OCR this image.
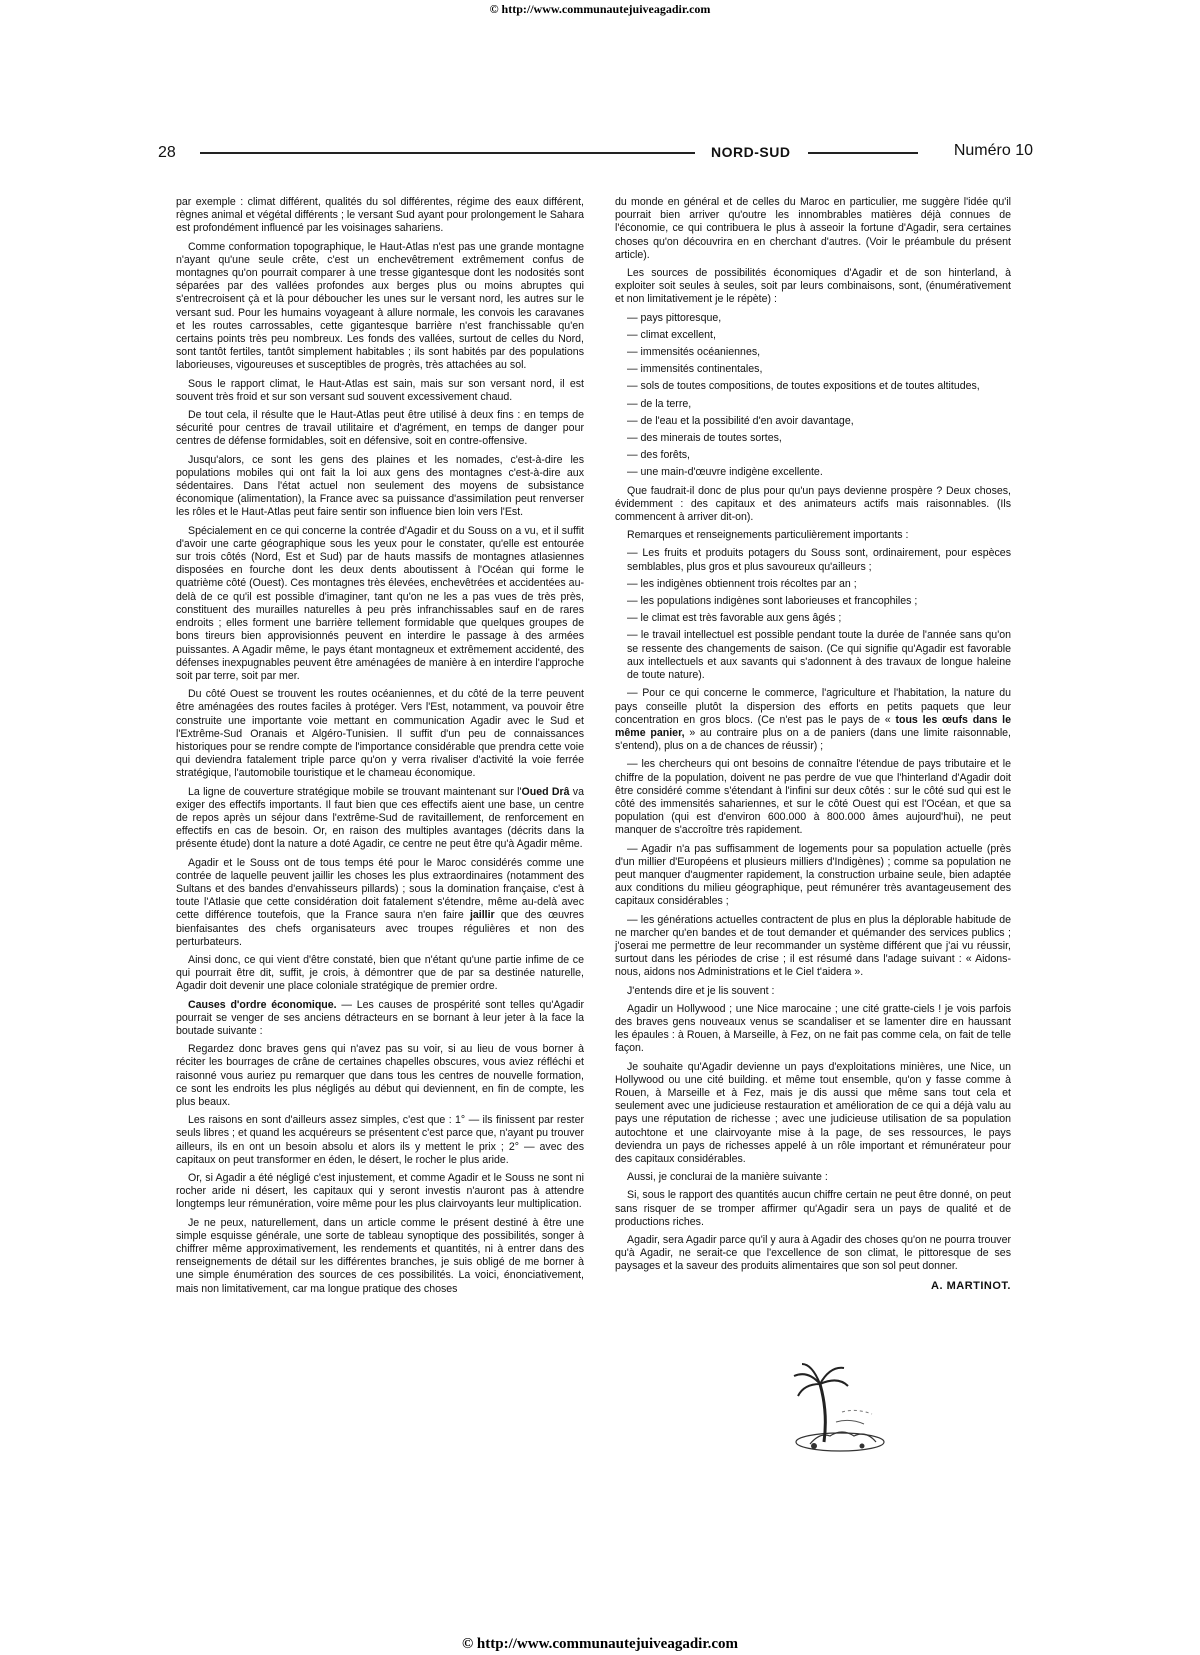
© http://www.communautejuiveagadir.com
28	NORD-SUD	Numéro 10

par exemple : climat différent, qualités du sol différentes, régime des eaux différent, règnes animal et végétal différents ; le versant Sud ayant pour prolongement le Sahara est profondément influencé par les voisinages sahariens.

Comme conformation topographique, le Haut-Atlas n'est pas une grande montagne n'ayant qu'une seule crête, c'est un enchevêtrement extrêmement confus de montagnes qu'on pourrait comparer à une tresse gigantesque dont les nodosités sont séparées par des vallées profondes aux berges plus ou moins abruptes qui s'entrecroisent çà et là pour déboucher les unes sur le versant nord, les autres sur le versant sud. Pour les humains voyageant à allure normale, les convois les caravanes et les routes carrossables, cette gigantesque barrière n'est franchissable qu'en certains points très peu nombreux. Les fonds des vallées, surtout de celles du Nord, sont tantôt fertiles, tantôt simplement habitables ; ils sont habités par des populations laborieuses, vigoureuses et susceptibles de progrès, très attachées au sol.

Sous le rapport climat, le Haut-Atlas est sain, mais sur son versant nord, il est souvent très froid et sur son versant sud souvent excessivement chaud.

De tout cela, il résulte que le Haut-Atlas peut être utilisé à deux fins : en temps de sécurité pour centres de travail utilitaire et d'agrément, en temps de danger pour centres de défense formidables, soit en défensive, soit en contre-offensive.

Jusqu'alors, ce sont les gens des plaines et les nomades, c'est-à-dire les populations mobiles qui ont fait la loi aux gens des montagnes c'est-à-dire aux sédentaires. Dans l'état actuel non seulement des moyens de subsistance économique (alimentation), la France avec sa puissance d'assimilation peut renverser les rôles et le Haut-Atlas peut faire sentir son influence bien loin vers l'Est.

Spécialement en ce qui concerne la contrée d'Agadir et du Souss on a vu, et il suffit d'avoir une carte géographique sous les yeux pour le constater, qu'elle est entourée sur trois côtés (Nord, Est et Sud) par de hauts massifs de montagnes atlasiennes disposées en fourche dont les deux dents aboutissent à l'Océan qui forme le quatrième côté (Ouest). Ces montagnes très élevées, enchevêtrées et accidentées au-delà de ce qu'il est possible d'imaginer, tant qu'on ne les a pas vues de très près, constituent des murailles naturelles à peu près infranchissables sauf en de rares endroits ; elles forment une barrière tellement formidable que quelques groupes de bons tireurs bien approvisionnés peuvent en interdire le passage à des armées puissantes. A Agadir même, le pays étant montagneux et extrêmement accidenté, des défenses inexpugnables peuvent être aménagées de manière à en interdire l'approche soit par terre, soit par mer.

Du côté Ouest se trouvent les routes océaniennes, et du côté de la terre peuvent être aménagées des routes faciles à protéger. Vers l'Est, notamment, va pouvoir être construite une importante voie mettant en communication Agadir avec le Sud et l'Extrême-Sud Oranais et Algéro-Tunisien. Il suffit d'un peu de connaissances historiques pour se rendre compte de l'importance considérable que prendra cette voie qui deviendra fatalement triple parce qu'on y verra rivaliser d'activité la voie ferrée stratégique, l'automobile touristique et le chameau économique.

La ligne de couverture stratégique mobile se trouvant maintenant sur l'Oued Drâ va exiger des effectifs importants. Il faut bien que ces effectifs aient une base, un centre de repos après un séjour dans l'extrême-Sud de ravitaillement, de renforcement en effectifs en cas de besoin. Or, en raison des multiples avantages (décrits dans la présente étude) dont la nature a doté Agadir, ce centre ne peut être qu'à Agadir même.

Agadir et le Souss ont de tous temps été pour le Maroc considérés comme une contrée de laquelle peuvent jaillir les choses les plus extraordinaires (notamment des Sultans et des bandes d'envahisseurs pillards) ; sous la domination française, c'est à toute l'Atlasie que cette considération doit fatalement s'étendre, même au-delà avec cette différence toutefois, que la France saura n'en faire jaillir que des œuvres bienfaisantes des chefs organisateurs avec troupes régulières et non des perturbateurs.

Ainsi donc, ce qui vient d'être constaté, bien que n'étant qu'une partie infime de ce qui pourrait être dit, suffit, je crois, à démontrer que de par sa destinée naturelle, Agadir doit devenir une place coloniale stratégique de premier ordre.

Causes d'ordre économique. — Les causes de prospérité sont telles qu'Agadir pourrait se venger de ses anciens détracteurs en se bornant à leur jeter à la face la boutade suivante :

Regardez donc braves gens qui n'avez pas su voir, si au lieu de vous borner à réciter les bourrages de crâne de certaines chapelles obscures, vous aviez réfléchi et raisonné vous auriez pu remarquer que dans tous les centres de nouvelle formation, ce sont les endroits les plus négligés au début qui deviennent, en fin de compte, les plus beaux.

Les raisons en sont d'ailleurs assez simples, c'est que : 1° — ils finissent par rester seuls libres ; et quand les acquéreurs se présentent c'est parce que, n'ayant pu trouver ailleurs, ils en ont un besoin absolu et alors ils y mettent le prix ; 2° — avec des capitaux on peut transformer en éden, le désert, le rocher le plus aride.

Or, si Agadir a été négligé c'est injustement, et comme Agadir et le Souss ne sont ni rocher aride ni désert, les capitaux qui y seront investis n'auront pas à attendre longtemps leur rémunération, voire même pour les plus clairvoyants leur multiplication.

Je ne peux, naturellement, dans un article comme le présent destiné à être une simple esquisse générale, une sorte de tableau synoptique des possibilités, songer à chiffrer même approximativement, les rendements et quantités, ni à entrer dans des renseignements de détail sur les différentes branches, je suis obligé de me borner à une simple énumération des sources de ces possibilités. La voici, énonciativement, mais non limitativement, car ma longue pratique des choses

du monde en général et de celles du Maroc en particulier, me suggère l'idée qu'il pourrait bien arriver qu'outre les innombrables matières déjà connues de l'économie, ce qui contribuera le plus à asseoir la fortune d'Agadir, sera certaines choses qu'on découvrira en en cherchant d'autres. (Voir le préambule du présent article).

Les sources de possibilités économiques d'Agadir et de son hinterland, à exploiter soit seules à seules, soit par leurs combinaisons, sont, (énumérativement et non limitativement je le répète) :

— pays pittoresque,
— climat excellent,
— immensités océaniennes,
— immensités continentales,
— sols de toutes compositions, de toutes expositions et de toutes altitudes,
— de la terre,
— de l'eau et la possibilité d'en avoir davantage,
— des minerais de toutes sortes,
— des forêts,
— une main-d'œuvre indigène excellente.

Que faudrait-il donc de plus pour qu'un pays devienne prospère ? Deux choses, évidemment : des capitaux et des animateurs actifs mais raisonnables. (Ils commencent à arriver dit-on).

Remarques et renseignements particulièrement importants :

— Les fruits et produits potagers du Souss sont, ordinairement, pour espèces semblables, plus gros et plus savoureux qu'ailleurs ;
— les indigènes obtiennent trois récoltes par an ;
— les populations indigènes sont laborieuses et francophiles ;
— le climat est très favorable aux gens âgés ;
— le travail intellectuel est possible pendant toute la durée de l'année sans qu'on se ressente des changements de saison. (Ce qui signifie qu'Agadir est favorable aux intellectuels et aux savants qui s'adonnent à des travaux de longue haleine de toute nature).

— Pour ce qui concerne le commerce, l'agriculture et l'habitation, la nature du pays conseille plutôt la dispersion des efforts en petits paquets que leur concentration en gros blocs. (Ce n'est pas le pays de « tous les œufs dans le même panier, » au contraire plus on a de paniers (dans une limite raisonnable, s'entend), plus on a de chances de réussir) ;

— les chercheurs qui ont besoins de connaître l'étendue de pays tributaire et le chiffre de la population, doivent ne pas perdre de vue que l'hinterland d'Agadir doit être considéré comme s'étendant à l'infini sur deux côtés : sur le côté sud qui est le côté des immensités sahariennes, et sur le côté Ouest qui est l'Océan, et que sa population (qui est d'environ 600.000 à 800.000 âmes aujourd'hui), ne peut manquer de s'accroître très rapidement.

— Agadir n'a pas suffisamment de logements pour sa population actuelle (près d'un millier d'Européens et plusieurs milliers d'Indigènes) ; comme sa population ne peut manquer d'augmenter rapidement, la construction urbaine seule, bien adaptée aux conditions du milieu géographique, peut rémunérer très avantageusement des capitaux considérables ;

— les générations actuelles contractent de plus en plus la déplorable habitude de ne marcher qu'en bandes et de tout demander et quémander des services publics ; j'oserai me permettre de leur recommander un système différent que j'ai vu réussir, surtout dans les périodes de crise ; il est résumé dans l'adage suivant : « Aidons-nous, aidons nos Administrations et le Ciel t'aidera ».

J'entends dire et je lis souvent :

Agadir un Hollywood ; une Nice marocaine ; une cité gratte-ciels ! je vois parfois des braves gens nouveaux venus se scandaliser et se lamenter dire en haussant les épaules : à Rouen, à Marseille, à Fez, on ne fait pas comme cela, on fait de telle façon.

Je souhaite qu'Agadir devienne un pays d'exploitations minières, une Nice, un Hollywood ou une cité building. et même tout ensemble, qu'on y fasse comme à Rouen, à Marseille et à Fez, mais je dis aussi que même sans tout cela et seulement avec une judicieuse restauration et amélioration de ce qui a déjà valu au pays une réputation de richesse ; avec une judicieuse utilisation de sa population autochtone et une clairvoyante mise à la page, de ses ressources, le pays deviendra un pays de richesses appelé à un rôle important et rémunérateur pour des capitaux considérables.

Aussi, je conclurai de la manière suivante :

Si, sous le rapport des quantités aucun chiffre certain ne peut être donné, on peut sans risquer de se tromper affirmer qu'Agadir sera un pays de qualité et de productions riches.

Agadir, sera Agadir parce qu'il y aura à Agadir des choses qu'on ne pourra trouver qu'à Agadir, ne serait-ce que l'excellence de son climat, le pittoresque de ses paysages et la saveur des produits alimentaires que son sol peut donner.

A. MARTINOT.
© http://www.communautejuiveagadir.com
